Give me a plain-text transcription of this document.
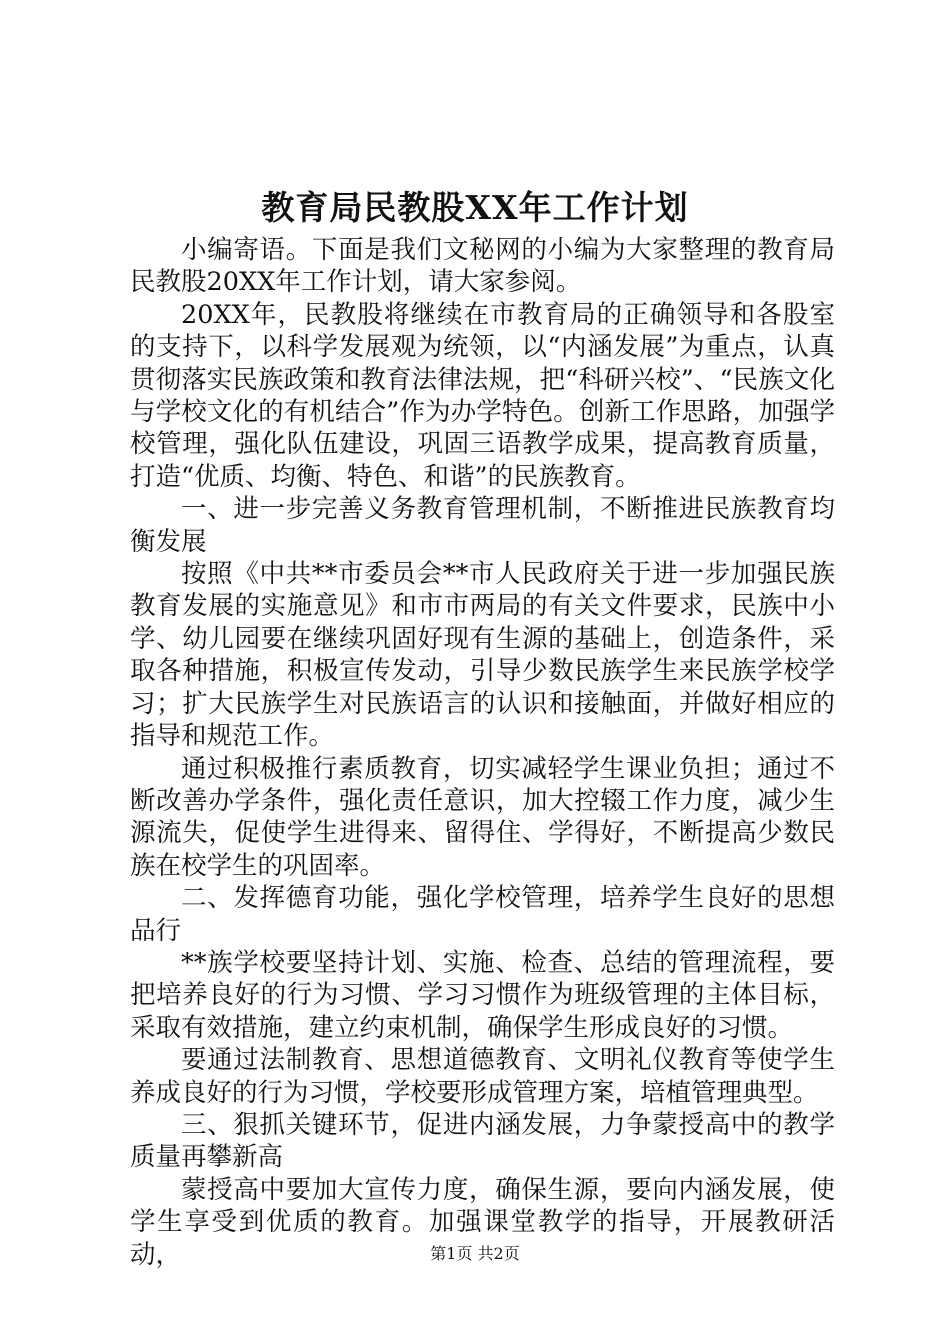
教育局民教股XX年工作计划

小编寄语。下面是我们文秘网的小编为大家整理的教育局民教股20XX年工作计划，请大家参阅。

20XX年，民教股将继续在市教育局的正确领导和各股室的支持下，以科学发展观为统领，以“内涵发展”为重点，认真贯彻落实民族政策和教育法律法规，把“科研兴校”、“民族文化与学校文化的有机结合”作为办学特色。创新工作思路，加强学校管理，强化队伍建设，巩固三语教学成果，提高教育质量，打造“优质、均衡、特色、和谐”的民族教育。

一、进一步完善义务教育管理机制，不断推进民族教育均衡发展

按照《中共**市委员会**市人民政府关于进一步加强民族教育发展的实施意见》和市市两局的有关文件要求，民族中小学、幼儿园要在继续巩固好现有生源的基础上，创造条件，采取各种措施，积极宣传发动，引导少数民族学生来民族学校学习；扩大民族学生对民族语言的认识和接触面，并做好相应的指导和规范工作。

通过积极推行素质教育，切实减轻学生课业负担；通过不断改善办学条件，强化责任意识，加大控辍工作力度，减少生源流失，促使学生进得来、留得住、学得好，不断提高少数民族在校学生的巩固率。

二、发挥德育功能，强化学校管理，培养学生良好的思想品行

**族学校要坚持计划、实施、检查、总结的管理流程，要把培养良好的行为习惯、学习习惯作为班级管理的主体目标，采取有效措施，建立约束机制，确保学生形成良好的习惯。

要通过法制教育、思想道德教育、文明礼仪教育等使学生养成良好的行为习惯，学校要形成管理方案，培植管理典型。

三、狠抓关键环节，促进内涵发展，力争蒙授高中的教学质量再攀新高

蒙授高中要加大宣传力度，确保生源，要向内涵发展，使学生享受到优质的教育。加强课堂教学的指导，开展教研活动，	第1页 共2页
